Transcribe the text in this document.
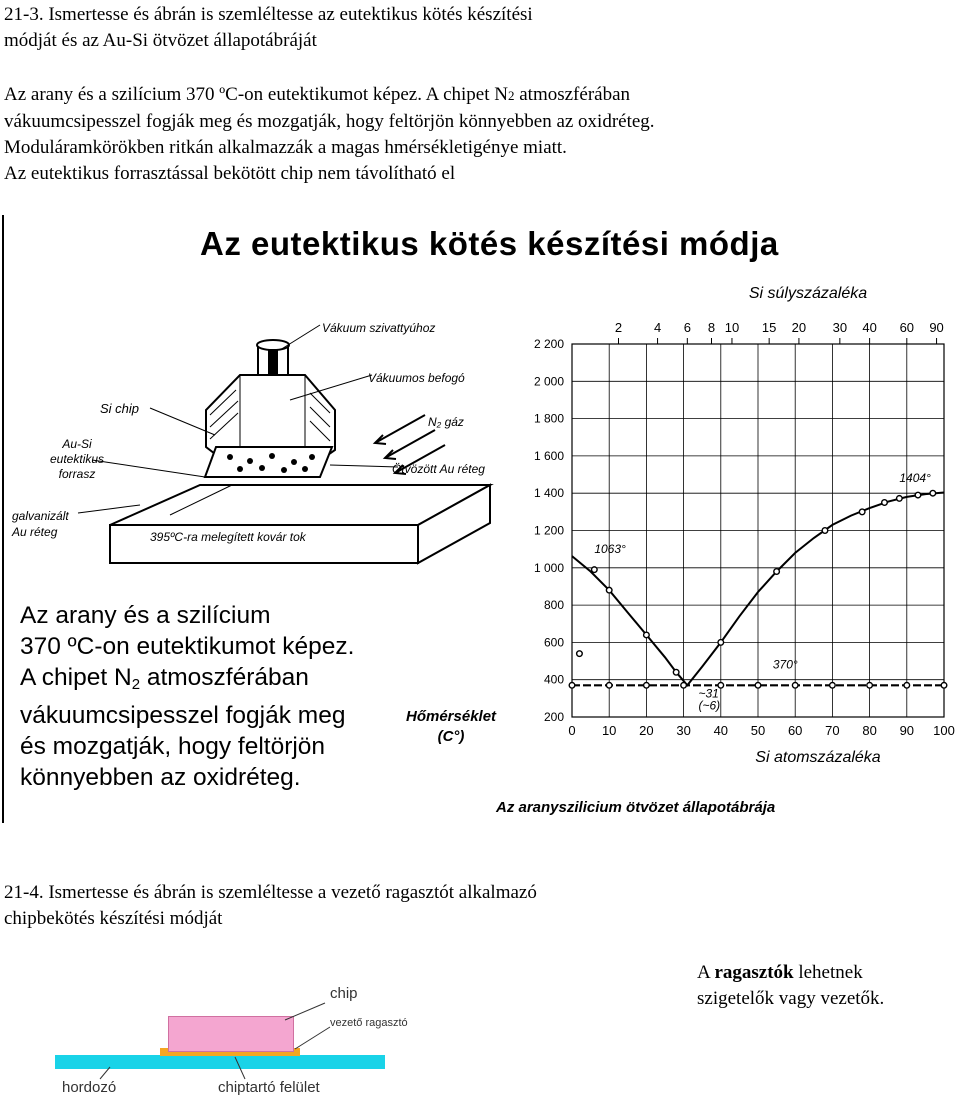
21-3. Ismertesse és ábrán is szemléltesse az eutektikus kötés készítési
módját és az Au-Si ötvözet állapotábráját
Az arany és a szilícium 370 ºC-on eutektikumot képez. A chipet N2 atmoszférában
vákuumcsipesszel fogják meg és mozgatják, hogy feltörjön könnyebben az oxidréteg.
Moduláramkörökben ritkán alkalmazzák a magas hmérsékletigénye miatt.
Az eutektikus forrasztással bekötött chip nem távolítható el
Vákuum szivattyúhoz
Vákuumos befogó
Si chip
N₂ gáz
Ötvözött Au réteg
Au-Si
eutektikus
forrasz
galvanizált
Au réteg	395ºC-ra melegített kovár tok
Az aranyszilicium ötvözet állapotábrája
Hőmérséklet
(C°)
Az eutektikus kötés készítési módja
Az arany és a szilícium
370 ºC-on eutektikumot képez.
A chipet N2 atmoszférában
vákuumcsipesszel fogják meg
és mozgatják, hogy feltörjön
könnyebben az oxidréteg.
200
400
600
800
1 000
1 200
1 400
1 600
1 800
2 000
2 200
0 10 20 30 40 50 60 70 80 90 100
2 4 6 8 10 15 20 30 40 60 90
Si atomszázaléka
Si súlyszázaléka
1063°
1404°
370°
~31
(~6)
21-4. Ismertesse és ábrán is szemléltesse a vezető ragasztót alkalmazó
chipbekötés készítési módját
A ragasztók lehetnek
szigetelők vagy vezetők.
chip
vezető ragasztó
hordozó	chiptartó felület
